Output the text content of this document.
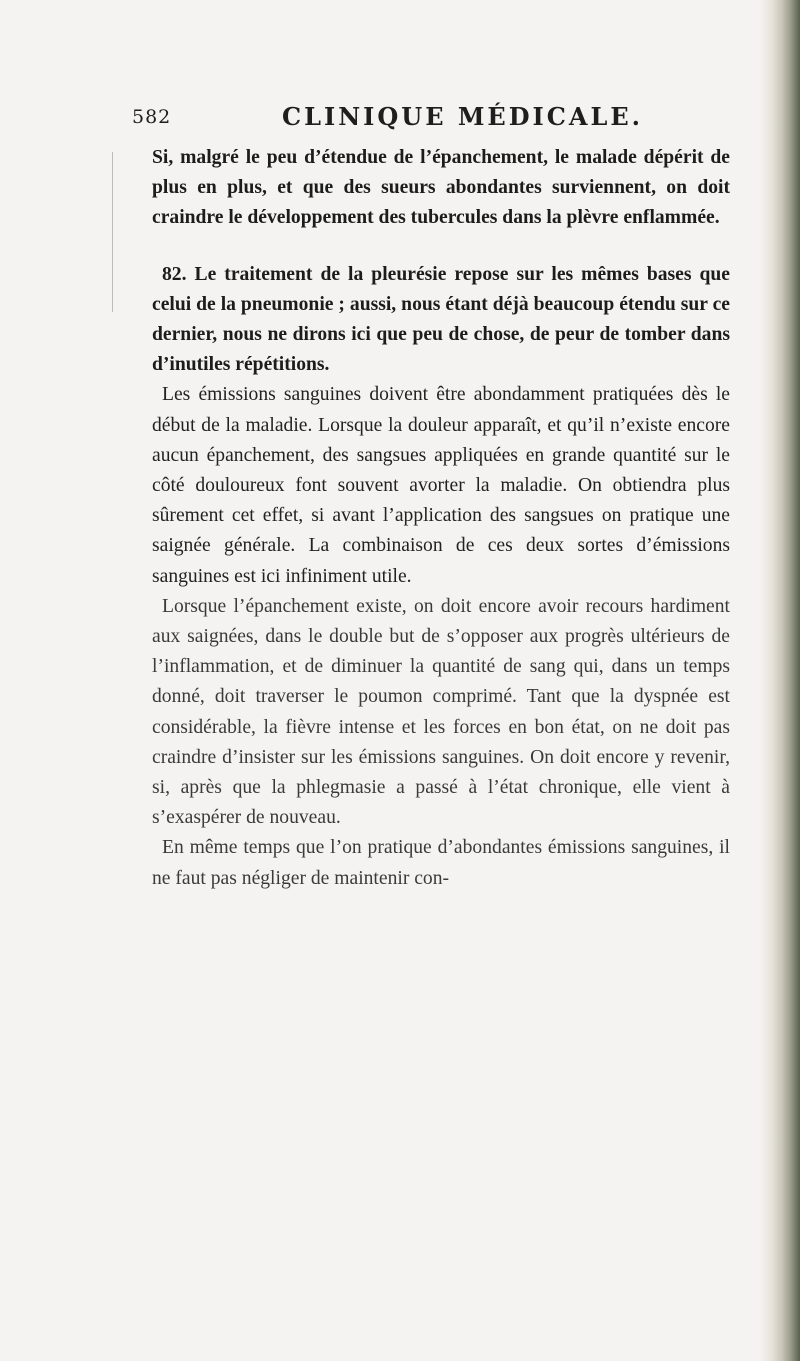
582	CLINIQUE MÉDICALE.

Si, malgré le peu d’étendue de l’épanchement, le malade dépérit de plus en plus, et que des sueurs abondantes surviennent, on doit craindre le développement des tubercules dans la plèvre enflammée.

82. Le traitement de la pleurésie repose sur les mêmes bases que celui de la pneumonie ; aussi, nous étant déjà beaucoup étendu sur ce dernier, nous ne dirons ici que peu de chose, de peur de tomber dans d’inutiles répétitions.

Les émissions sanguines doivent être abondamment pratiquées dès le début de la maladie. Lorsque la douleur apparaît, et qu’il n’existe encore aucun épanchement, des sangsues appliquées en grande quantité sur le côté douloureux font souvent avorter la maladie. On obtiendra plus sûrement cet effet, si avant l’application des sangsues on pratique une saignée générale. La combinaison de ces deux sortes d’émissions sanguines est ici infiniment utile.

Lorsque l’épanchement existe, on doit encore avoir recours hardiment aux saignées, dans le double but de s’opposer aux progrès ultérieurs de l’inflammation, et de diminuer la quantité de sang qui, dans un temps donné, doit traverser le poumon comprimé. Tant que la dyspnée est considérable, la fièvre intense et les forces en bon état, on ne doit pas craindre d’insister sur les émissions sanguines. On doit encore y revenir, si, après que la phlegmasie a passé à l’état chronique, elle vient à s’exaspérer de nouveau.

En même temps que l’on pratique d’abondantes émissions sanguines, il ne faut pas négliger de maintenir con-
